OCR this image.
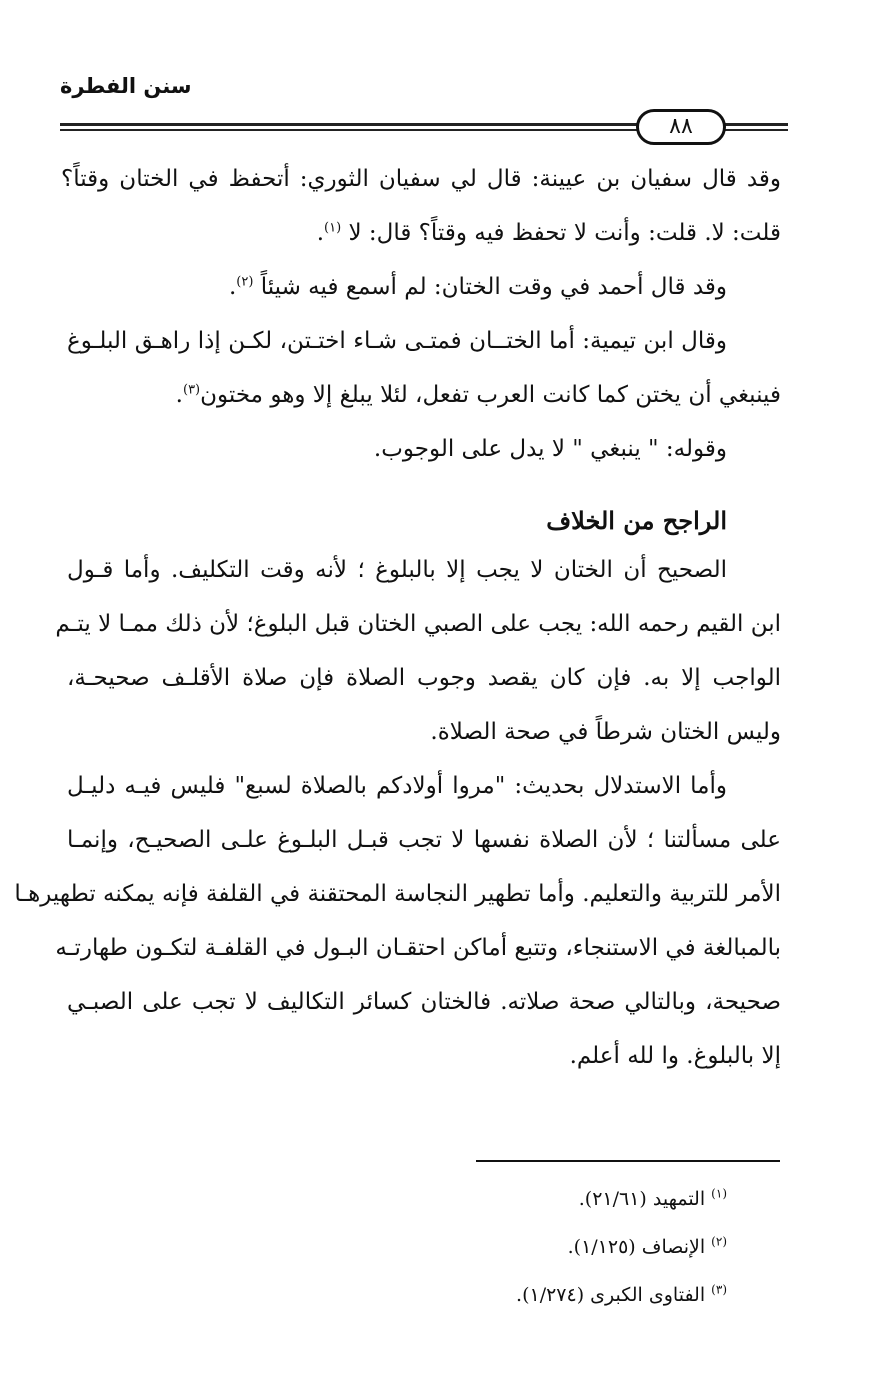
سنن الفطرة
٨٨
وقد قال سفيان بن عيينة: قال لي سفيان الثوري: أتحفظ في الختان وقتاً؟
قلت: لا. قلت: وأنت لا تحفظ فيه وقتاً؟ قال: لا $^{(١)}$.
وقد قال أحمد في وقت الختان: لم أسمع فيه شيئاً $^{(٢)}$.
وقال ابن تيمية: أما الختــان فمتـى شـاء اختـتن، لكـن إذا راهـق البلـوغ
فينبغي أن يختن كما كانت العرب تفعل، لئلا يبلغ إلا وهو مختون$^{(٣)}$.
وقوله: " ينبغي " لا يدل على الوجوب.
الراجح من الخلاف
الصحيح أن الختان لا يجب إلا بالبلوغ ؛ لأنه وقت التكليف. وأما قـول
ابن القيم رحمه الله: يجب على الصبي الختان قبل البلوغ؛ لأن ذلك ممـا لا يتـم
الواجب إلا به. فإن كان يقصد وجوب الصلاة فإن صلاة الأقلـف صحيحـة،
وليس الختان شرطاً في صحة الصلاة.
وأما الاستدلال بحديث: "مروا أولادكم بالصلاة لسبع" فليس فيـه دليـل
على مسألتنا ؛ لأن الصلاة نفسها لا تجب قبـل البلـوغ علـى الصحيـح، وإنمـا
الأمر للتربية والتعليم. وأما تطهير النجاسة المحتقنة في القلفة فإنه يمكنه تطهيرهـا
بالمبالغة في الاستنجاء، وتتبع أماكن احتقـان البـول في القلفـة لتكـون طهارتـه
صحيحة، وبالتالي صحة صلاته. فالختان كسائر التكاليف لا تجب على الصبـي
إلا بالبلوغ. وا لله أعلم.
$^{(١)}$ التمهيد (٢١/٦١).
$^{(٢)}$ الإنصاف (١/١٢٥).
$^{(٣)}$ الفتاوى الكبرى (١/٢٧٤).
